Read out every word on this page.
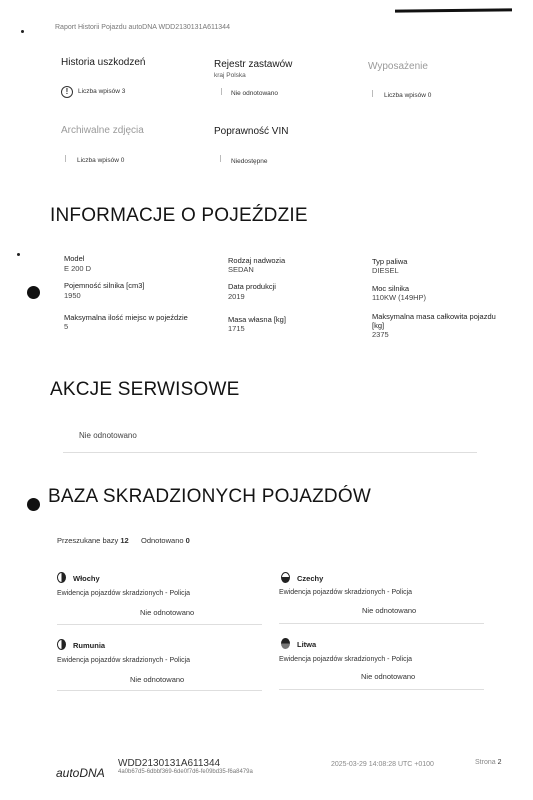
Raport Historii Pojazdu autoDNA WDD2130131A611344
Historia uszkodzeń
!	Liczba wpisów 3
Rejestr zastawów
kraj Polska
Nie odnotowano
Wyposażenie
Liczba wpisów 0
Archiwalne zdjęcia
Liczba wpisów 0
Poprawność VIN
Niedostępne
INFORMACJE O POJEŹDZIE
Model
E 200 D
Rodzaj nadwozia
SEDAN
Typ paliwa
DIESEL
Pojemność silnika [cm3]
1950
Data produkcji
2019
Moc silnika
110KW (149HP)
Maksymalna ilość miejsc w pojeździe
5
Masa własna [kg]
1715
Maksymalna masa całkowita pojazdu [kg]
2375
AKCJE SERWISOWE
Nie odnotowano
BAZA SKRADZIONYCH POJAZDÓW
Przeszukane bazy 12 Odnotowano 0
Włochy
Ewidencja pojazdów skradzionych - Policja
Nie odnotowano
Czechy
Ewidencja pojazdów skradzionych - Policja
Nie odnotowano
Rumunia
Ewidencja pojazdów skradzionych - Policja
Nie odnotowano
Litwa
Ewidencja pojazdów skradzionych - Policja
Nie odnotowano
autoDNA
WDD2130131A611344
4a0b67d5-6dbbf369-6de0f7d6-fe09bd35-f6a8479a
2025-03-29 14:08:28 UTC +0100	Strona 2
